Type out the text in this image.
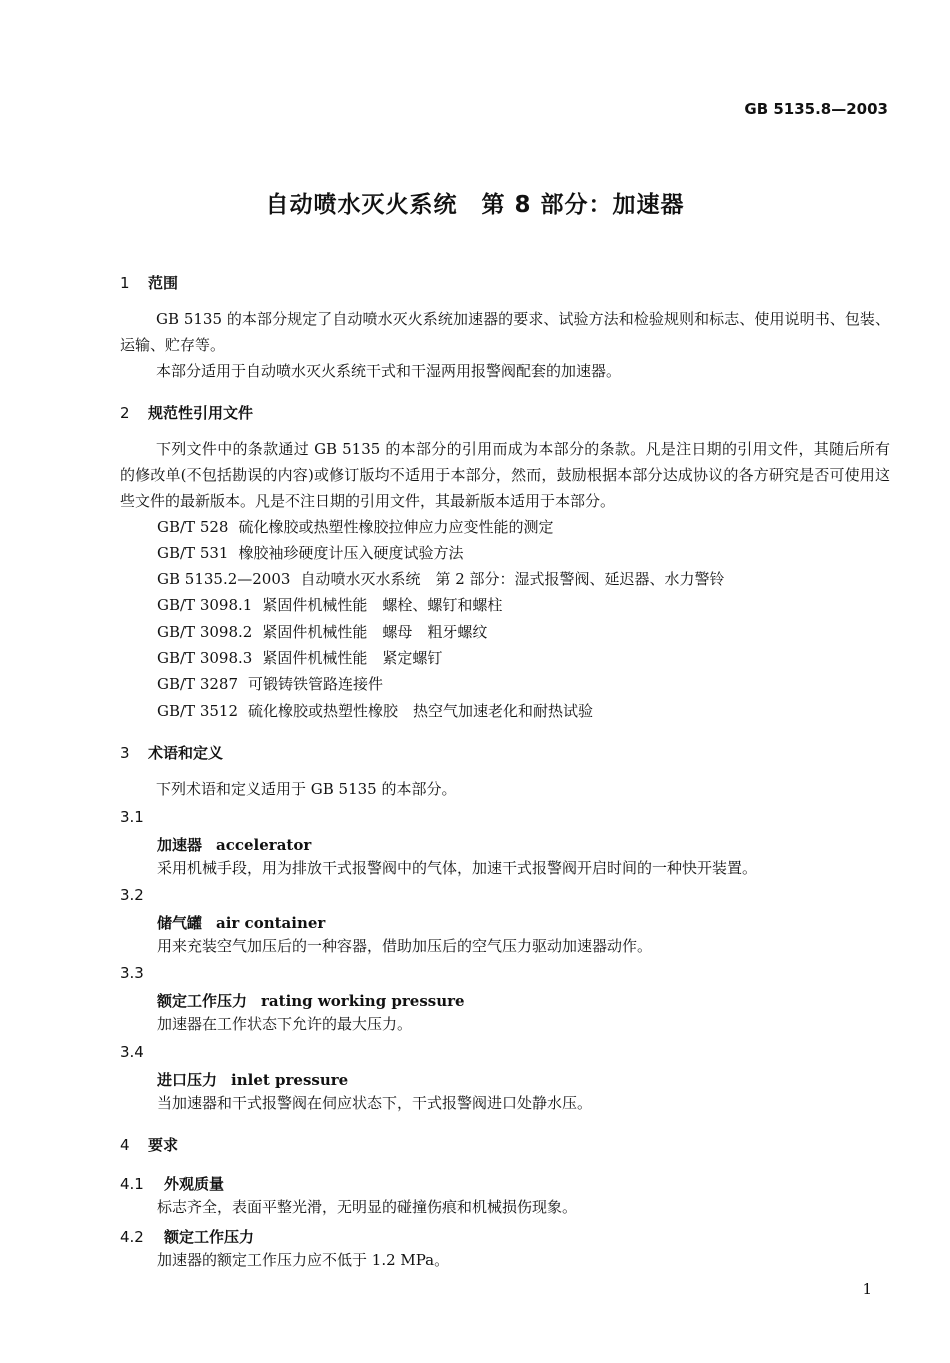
GB 5135.8—2003
自动喷水灭火系统　第 8 部分：加速器
1 范围
GB 5135 的本部分规定了自动喷水灭火系统加速器的要求、试验方法和检验规则和标志、使用说明书、包装、运输、贮存等。
本部分适用于自动喷水灭火系统干式和干湿两用报警阀配套的加速器。
2 规范性引用文件
下列文件中的条款通过 GB 5135 的本部分的引用而成为本部分的条款。凡是注日期的引用文件，其随后所有的修改单(不包括勘误的内容)或修订版均不适用于本部分，然而，鼓励根据本部分达成协议的各方研究是否可使用这些文件的最新版本。凡是不注日期的引用文件，其最新版本适用于本部分。
GB/T 528 硫化橡胶或热塑性橡胶拉伸应力应变性能的测定
GB/T 531 橡胶袖珍硬度计压入硬度试验方法
GB 5135.2—2003 自动喷水灭水系统　第 2 部分：湿式报警阀、延迟器、水力警铃
GB/T 3098.1 紧固件机械性能　螺栓、螺钉和螺柱
GB/T 3098.2 紧固件机械性能　螺母　粗牙螺纹
GB/T 3098.3 紧固件机械性能　紧定螺钉
GB/T 3287 可锻铸铁管路连接件
GB/T 3512 硫化橡胶或热塑性橡胶　热空气加速老化和耐热试验
3 术语和定义
下列术语和定义适用于 GB 5135 的本部分。
3.1
加速器 accelerator
采用机械手段，用为排放干式报警阀中的气体，加速干式报警阀开启时间的一种快开装置。
3.2
储气罐 air container
用来充装空气加压后的一种容器，借助加压后的空气压力驱动加速器动作。
3.3
额定工作压力 rating working pressure
加速器在工作状态下允许的最大压力。
3.4
进口压力 inlet pressure
当加速器和干式报警阀在伺应状态下，干式报警阀进口处静水压。
4 要求
4.1 外观质量
标志齐全，表面平整光滑，无明显的碰撞伤痕和机械损伤现象。
4.2 额定工作压力
加速器的额定工作压力应不低于 1.2 MPa。
1
